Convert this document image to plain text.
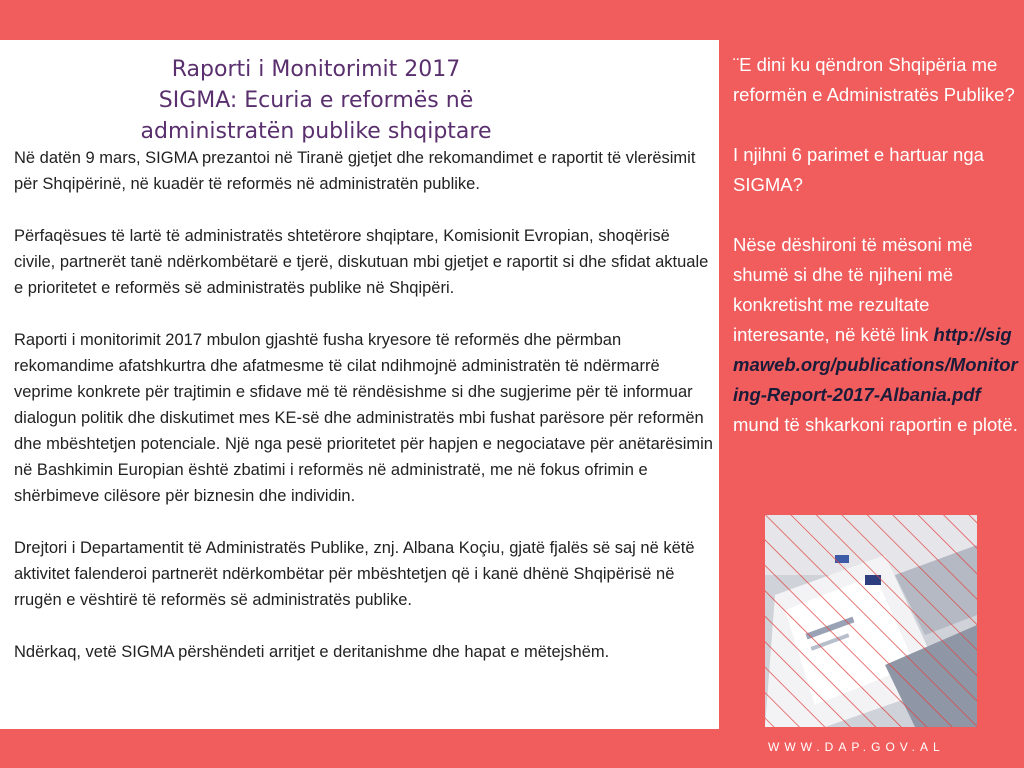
Raporti i Monitorimit 2017
SIGMA: Ecuria e reformës në
administratën publike shqiptare

Në datën 9 mars, SIGMA prezantoi në Tiranë gjetjet dhe rekomandimet e raportit të vlerësimit për Shqipërinë, në kuadër të reformës në administratën publike.

Përfaqësues të lartë të administratës shtetërore shqiptare, Komisionit Evropian, shoqërisë civile, partnerët tanë ndërkombëtarë e tjerë, diskutuan mbi gjetjet e raportit si dhe sfidat aktuale e prioritetet e reformës së administratës publike në Shqipëri.

Raporti i monitorimit 2017 mbulon gjashtë fusha kryesore të reformës dhe përmban rekomandime afatshkurtra dhe afatmesme të cilat ndihmojnë administratën të ndërmarrë veprime konkrete për trajtimin e sfidave më të rëndësishme si dhe sugjerime për të informuar dialogun politik dhe diskutimet mes KE-së dhe administratës mbi fushat parësore për reformën dhe mbështetjen potenciale. Një nga pesë prioritetet për hapjen e negociatave për anëtarësimin në Bashkimin Europian është zbatimi i reformës në administratë, me në fokus ofrimin e shërbimeve cilësore për biznesin dhe individin.

Drejtori i Departamentit të Administratës Publike, znj. Albana Koçiu, gjatë fjalës së saj në këtë aktivitet falenderoi partnerët ndërkombëtar për mbështetjen që i kanë dhënë Shqipërisë në rrugën e vështirë të reformës së administratës publike.

Ndërkaq, vetë SIGMA përshëndeti arritjet e deritanishme dhe hapat e mëtejshëm.

¨E dini ku qëndron Shqipëria me reformën e Administratës Publike?

I njihni 6 parimet e hartuar nga SIGMA?

Nëse dëshironi të mësoni më shumë si dhe të njiheni më konkretisht me rezultate interesante, në këtë link http://sigmaweb.org/publications/Monitoring-Report-2017-Albania.pdf mund të shkarkoni raportin e plotë.

WWW.DAP.GOV.AL
